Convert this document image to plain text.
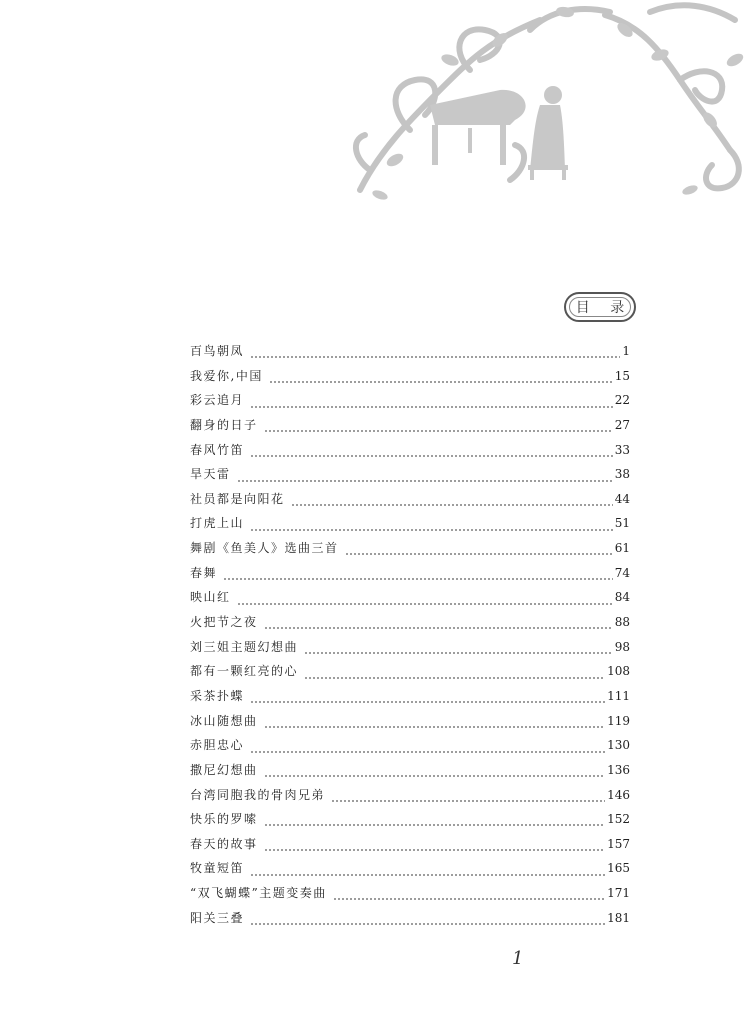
目 录
百鸟朝凤	1
我爱你,中国	15
彩云追月	22
翻身的日子	27
春风竹笛	33
旱天雷	38
社员都是向阳花	44
打虎上山	51
舞剧《鱼美人》选曲三首	61
春舞	74
映山红	84
火把节之夜	88
刘三姐主题幻想曲	98
都有一颗红亮的心	108
采茶扑蝶	111
冰山随想曲	119
赤胆忠心	130
撒尼幻想曲	136
台湾同胞我的骨肉兄弟	146
快乐的罗嗦	152
春天的故事	157
牧童短笛	165
“双飞蝴蝶”主题变奏曲	171
阳关三叠	181
1
